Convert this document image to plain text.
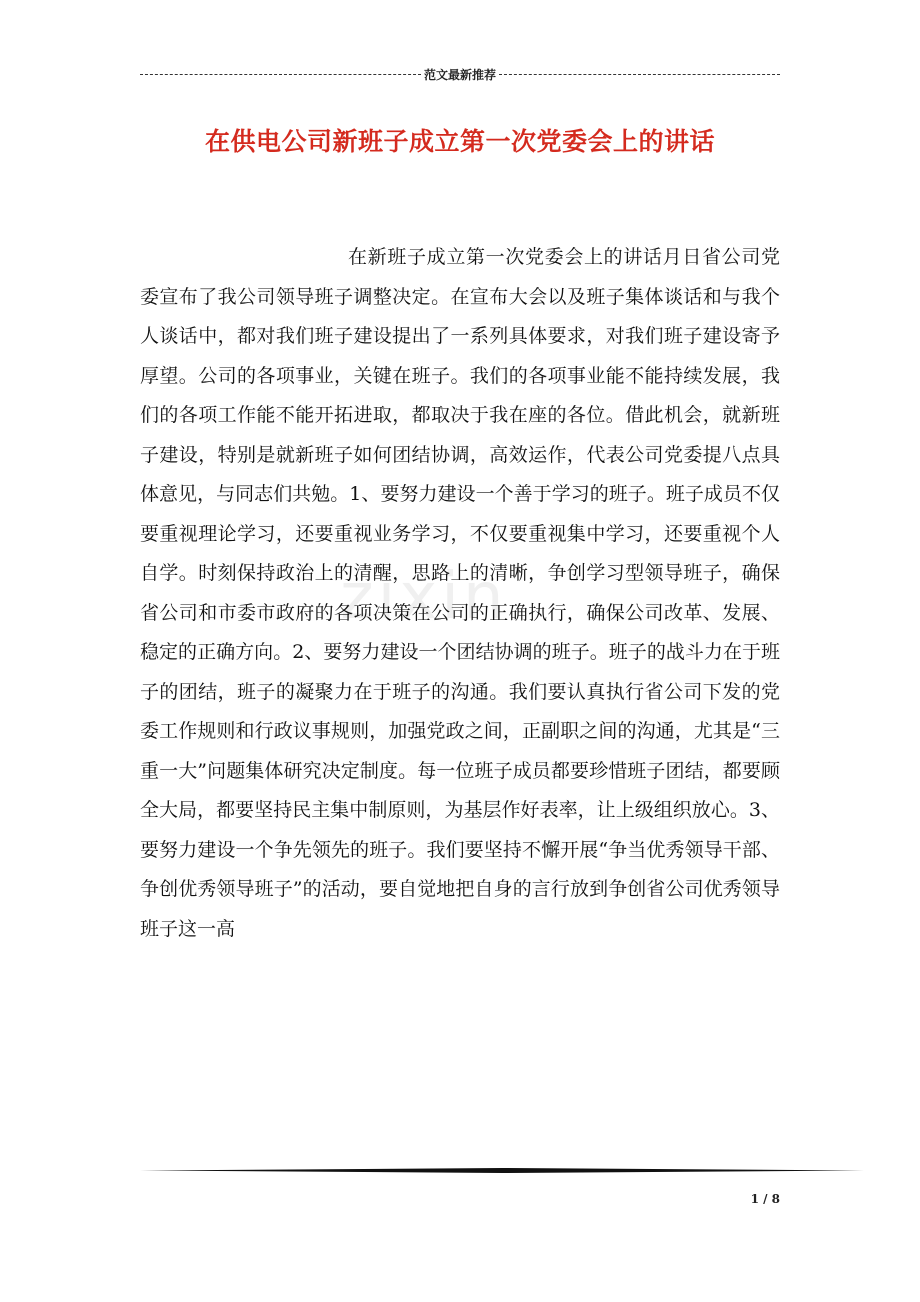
范文最新推荐
在供电公司新班子成立第一次党委会上的讲话
zixin

在新班子成立第一次党委会上的讲话月日省公司党委宣布了我公司领导班子调整决定。在宣布大会以及班子集体谈话和与我个人谈话中，都对我们班子建设提出了一系列具体要求，对我们班子建设寄予厚望。公司的各项事业，关键在班子。我们的各项事业能不能持续发展，我们的各项工作能不能开拓进取，都取决于我在座的各位。借此机会，就新班子建设，特别是就新班子如何团结协调，高效运作，代表公司党委提八点具体意见，与同志们共勉。1、要努力建设一个善于学习的班子。班子成员不仅要重视理论学习，还要重视业务学习，不仅要重视集中学习，还要重视个人自学。时刻保持政治上的清醒，思路上的清晰，争创学习型领导班子，确保省公司和市委市政府的各项决策在公司的正确执行，确保公司改革、发展、稳定的正确方向。2、要努力建设一个团结协调的班子。班子的战斗力在于班子的团结，班子的凝聚力在于班子的沟通。我们要认真执行省公司下发的党委工作规则和行政议事规则，加强党政之间，正副职之间的沟通，尤其是“三重一大”问题集体研究决定制度。每一位班子成员都要珍惜班子团结，都要顾全大局，都要坚持民主集中制原则，为基层作好表率，让上级组织放心。3、要努力建设一个争先领先的班子。我们要坚持不懈开展“争当优秀领导干部、争创优秀领导班子”的活动，要自觉地把自身的言行放到争创省公司优秀领导班子这一高

1 / 8
